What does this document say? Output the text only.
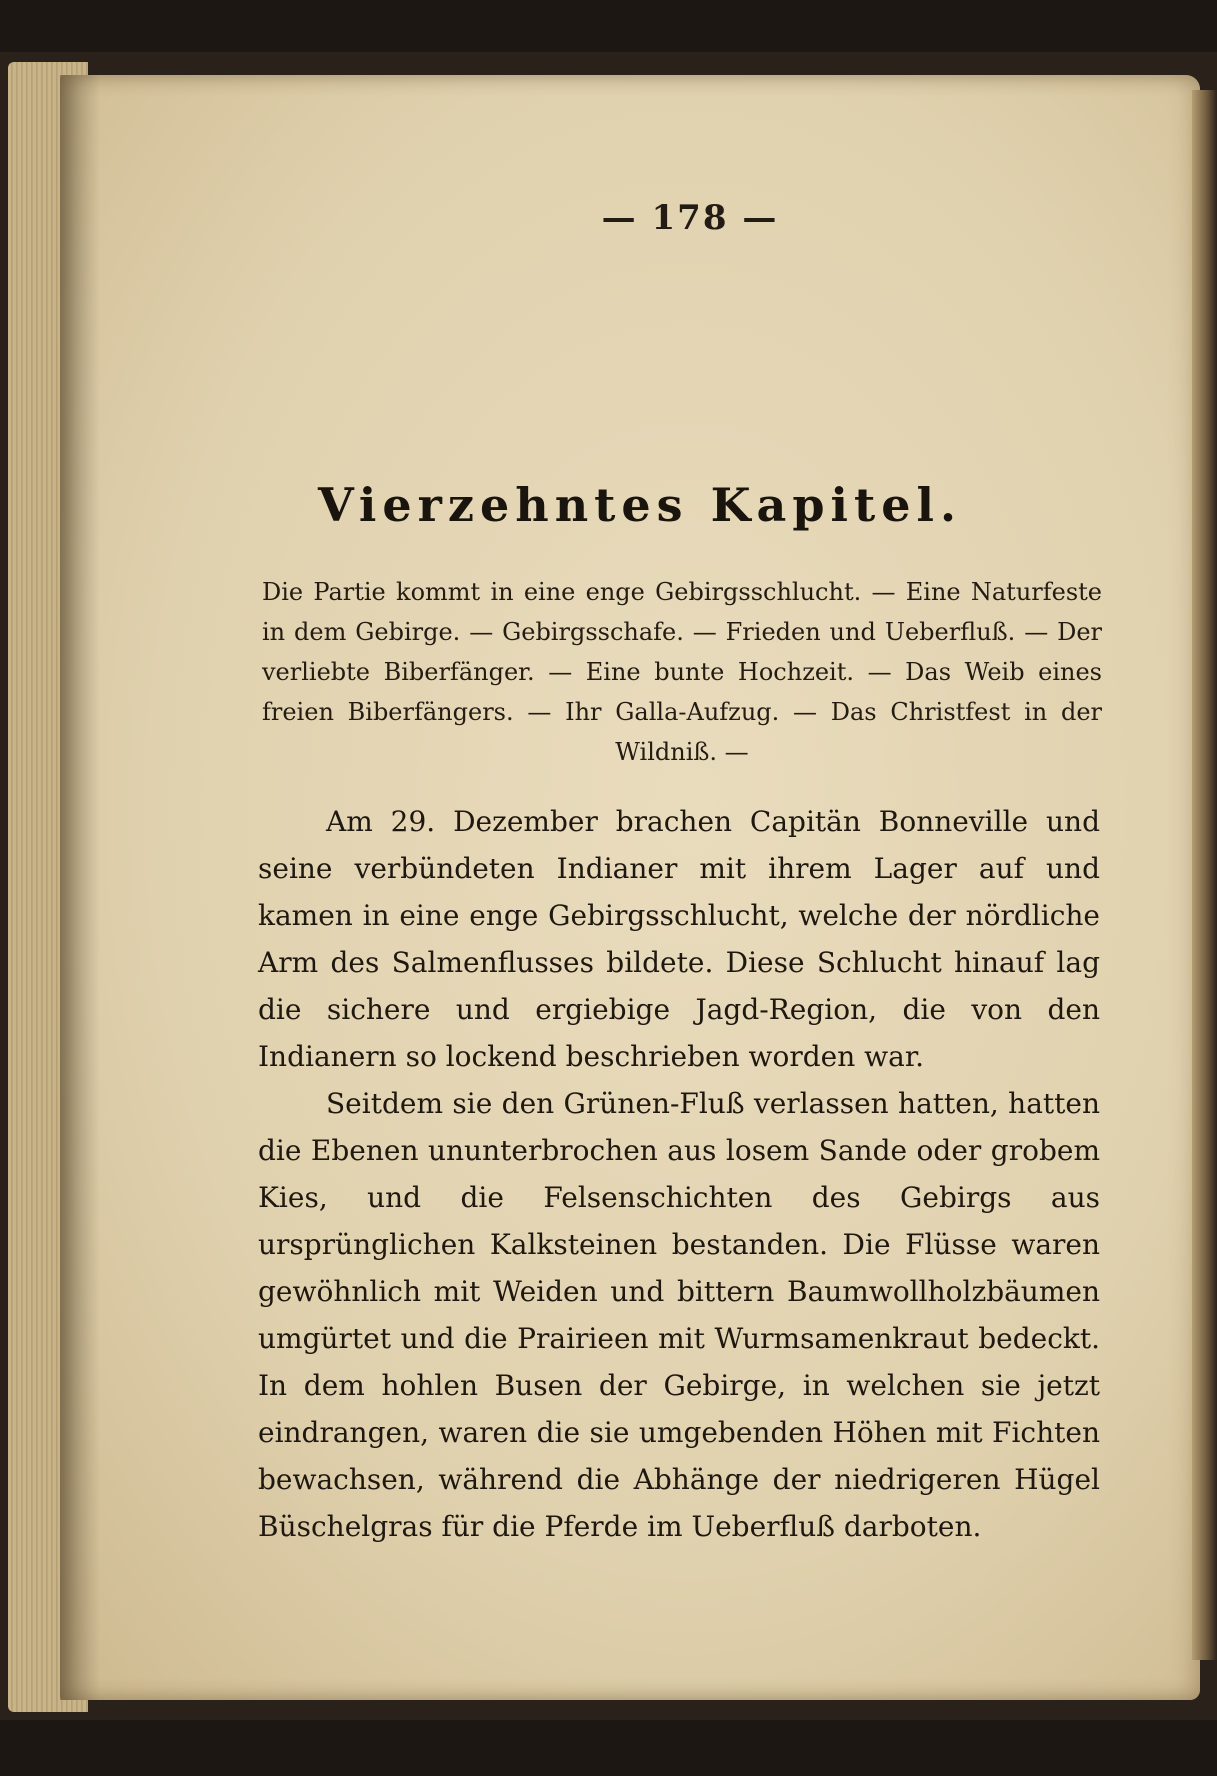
— 178 —
Vierzehntes Kapitel.
Die Partie kommt in eine enge Gebirgsschlucht. — Eine Naturfeste in dem Gebirge. — Gebirgsschafe. — Frieden und Ueberfluß. — Der verliebte Biberfänger. — Eine bunte Hochzeit. — Das Weib eines freien Biberfängers. — Ihr Galla-Aufzug. — Das Christfest in der Wildniß. —

Am 29. Dezember brachen Capitän Bonneville und seine verbündeten Indianer mit ihrem Lager auf und kamen in eine enge Gebirgsschlucht, welche der nördliche Arm des Salmenflusses bildete. Diese Schlucht hinauf lag die sichere und ergiebige Jagd-Region, die von den Indianern so lockend beschrieben worden war.

Seitdem sie den Grünen-Fluß verlassen hatten, hatten die Ebenen ununterbrochen aus losem Sande oder grobem Kies, und die Felsenschichten des Gebirgs aus ursprünglichen Kalksteinen bestanden. Die Flüsse waren gewöhnlich mit Weiden und bittern Baumwollholzbäumen umgürtet und die Prairieen mit Wurmsamenkraut bedeckt. In dem hohlen Busen der Gebirge, in welchen sie jetzt eindrangen, waren die sie umgebenden Höhen mit Fichten bewachsen, während die Abhänge der niedrigeren Hügel Büschelgras für die Pferde im Ueberfluß darboten.
